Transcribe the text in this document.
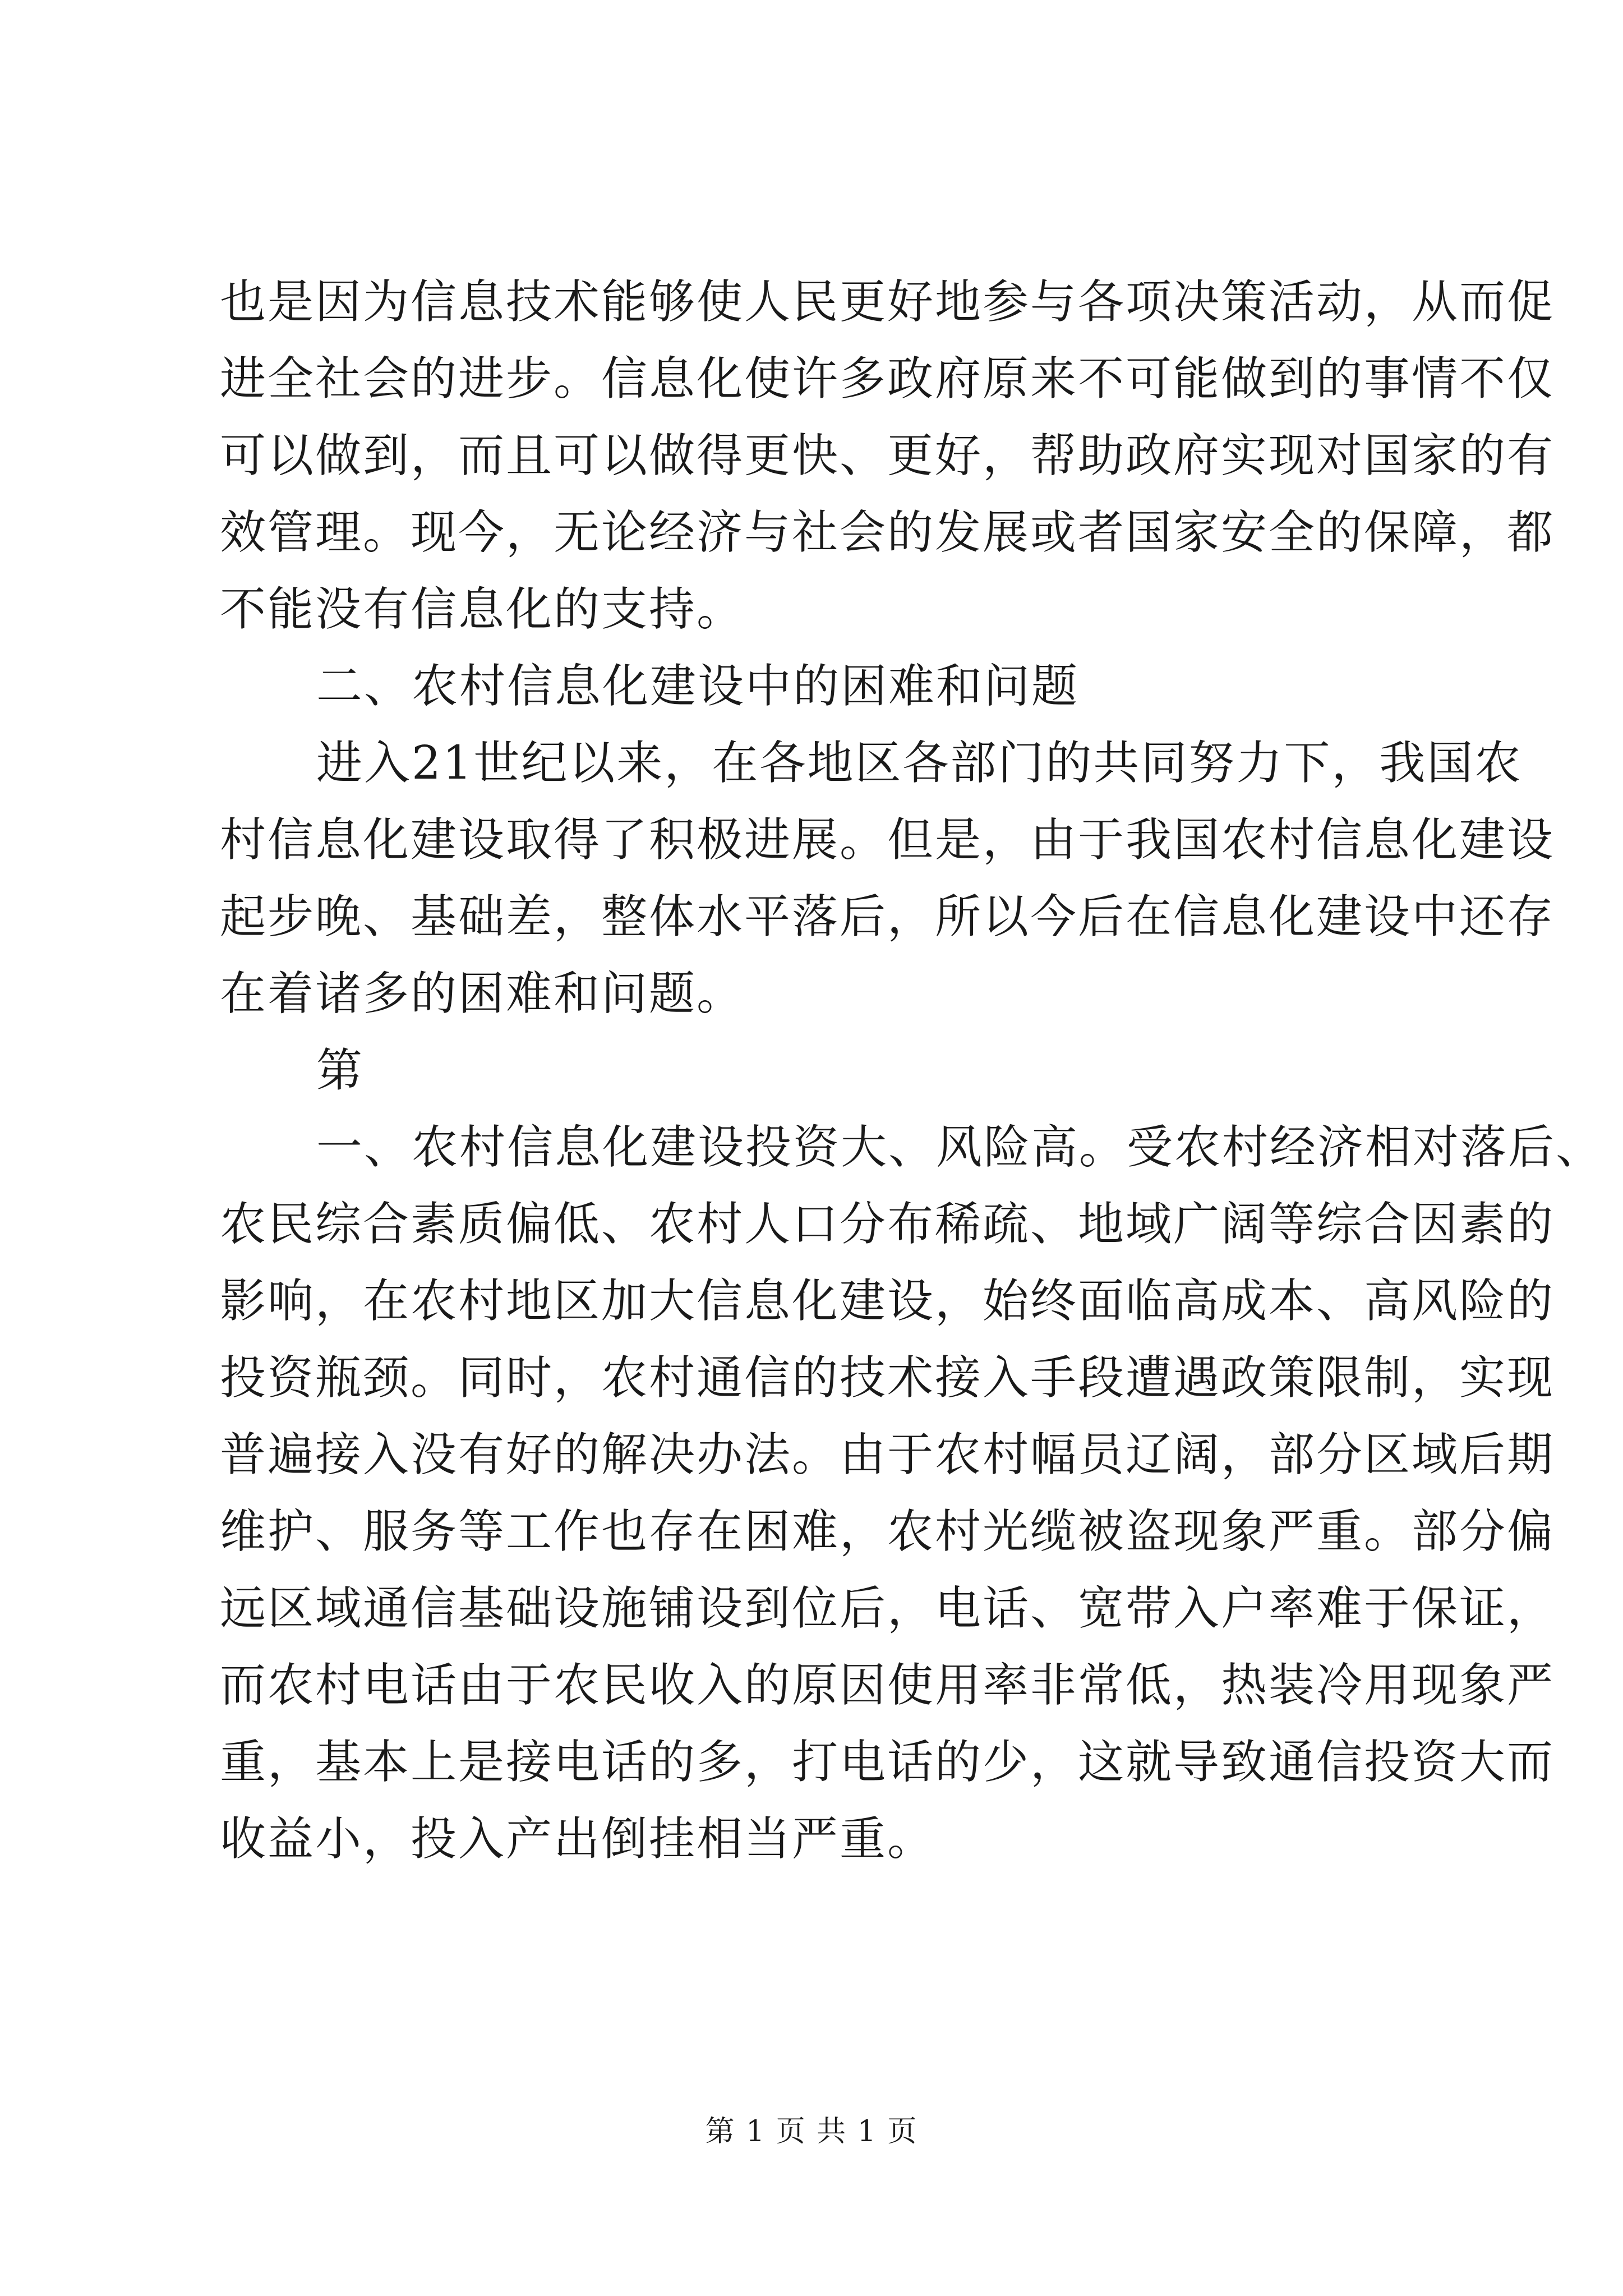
也是因为信息技术能够使人民更好地参与各项决策活动，从而促
进全社会的进步。信息化使许多政府原来不可能做到的事情不仅
可以做到，而且可以做得更快、更好，帮助政府实现对国家的有
效管理。现今，无论经济与社会的发展或者国家安全的保障，都
不能没有信息化的支持。
二、农村信息化建设中的困难和问题
进入21世纪以来，在各地区各部门的共同努力下，我国农
村信息化建设取得了积极进展。但是，由于我国农村信息化建设
起步晚、基础差，整体水平落后，所以今后在信息化建设中还存
在着诸多的困难和问题。
第
一、农村信息化建设投资大、风险高。受农村经济相对落后、
农民综合素质偏低、农村人口分布稀疏、地域广阔等综合因素的
影响，在农村地区加大信息化建设，始终面临高成本、高风险的
投资瓶颈。同时，农村通信的技术接入手段遭遇政策限制，实现
普遍接入没有好的解决办法。由于农村幅员辽阔，部分区域后期
维护、服务等工作也存在困难，农村光缆被盗现象严重。部分偏
远区域通信基础设施铺设到位后，电话、宽带入户率难于保证，
而农村电话由于农民收入的原因使用率非常低，热装冷用现象严
重，基本上是接电话的多，打电话的少，这就导致通信投资大而
收益小，投入产出倒挂相当严重。
第 1 页 共 1 页
